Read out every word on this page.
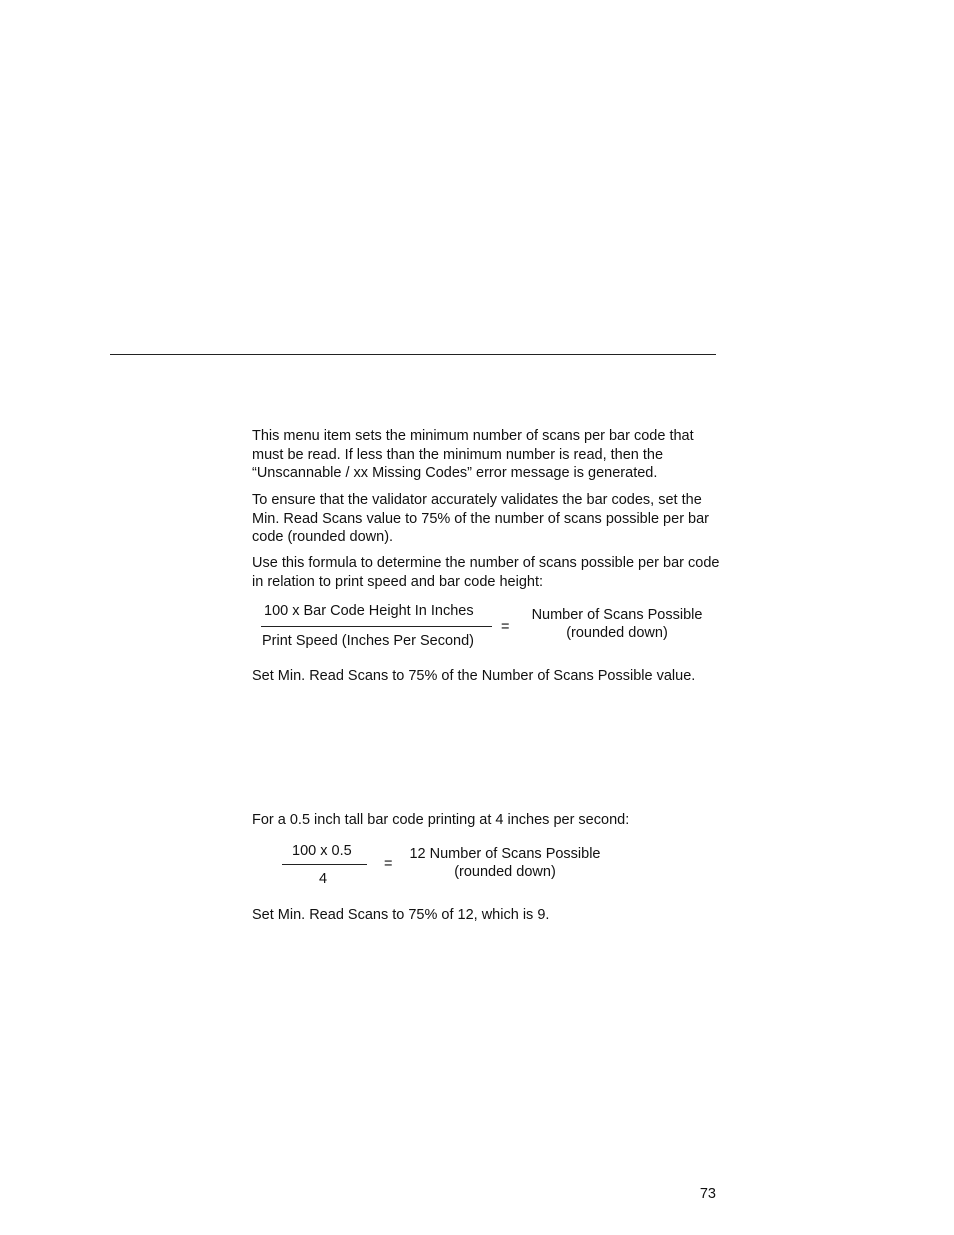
This menu item sets the minimum number of scans per bar code that must be read. If less than the minimum number is read, then the “Unscannable / xx Missing Codes” error message is generated.

To ensure that the validator accurately validates the bar codes, set the Min. Read Scans value to 75% of the number of scans possible per bar code (rounded down).

Use this formula to determine the number of scans possible per bar code in relation to print speed and bar code height:

100 x Bar Code Height In Inches
Print Speed (Inches Per Second)
=
Number of Scans Possible
(rounded down)

Set Min. Read Scans to 75% of the Number of Scans Possible value.

For a 0.5 inch tall bar code printing at 4 inches per second:

100 x 0.5
4
=
12 Number of Scans Possible
(rounded down)

Set Min. Read Scans to 75% of 12, which is 9.

73
